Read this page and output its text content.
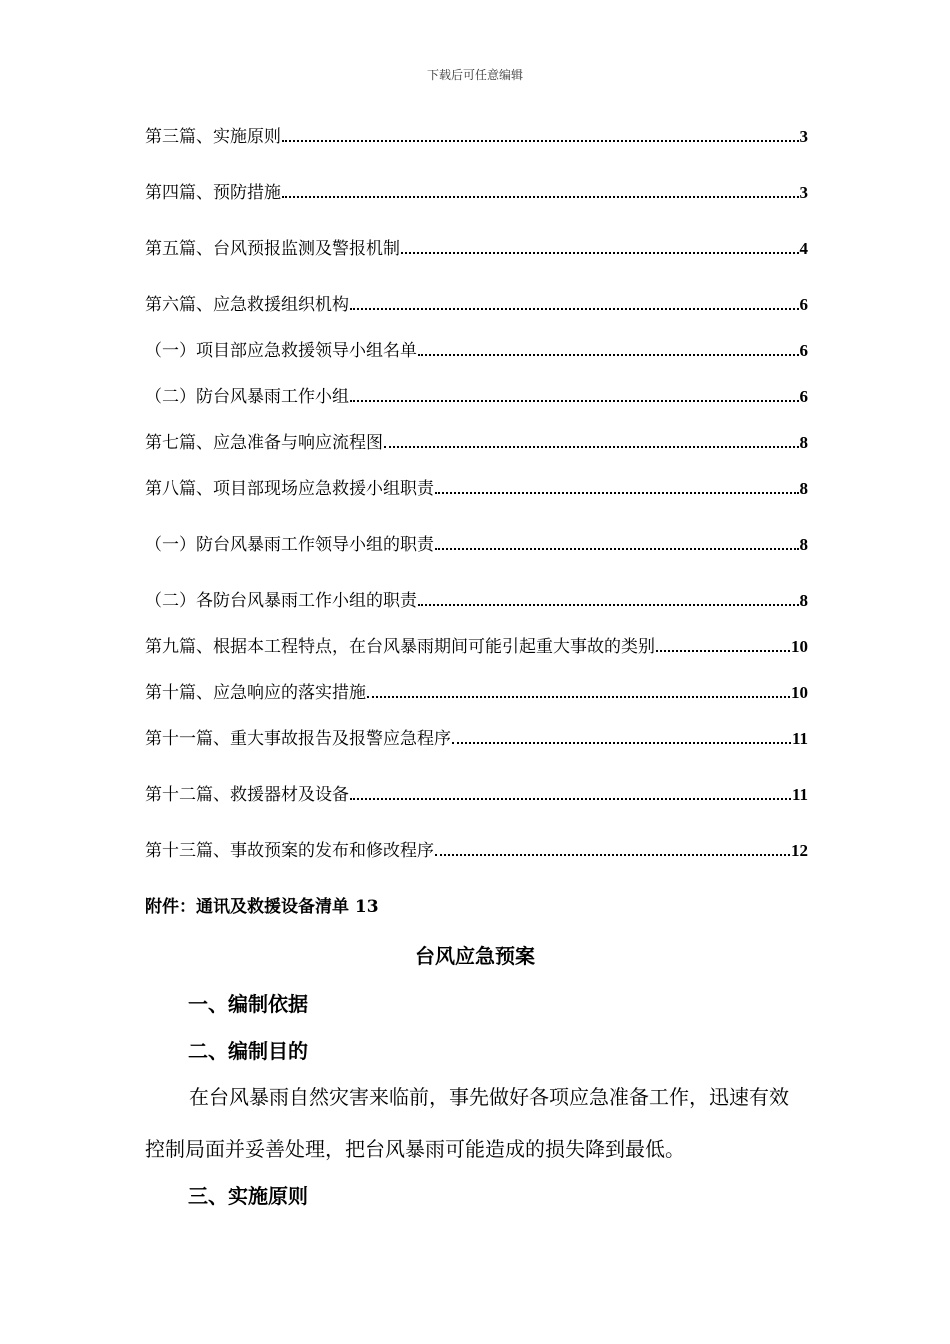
下载后可任意编辑
第三篇、实施原则	3
第四篇、预防措施	3
第五篇、台风预报监测及警报机制	4
第六篇、应急救援组织机构	6
（一）项目部应急救援领导小组名单	6
（二）防台风暴雨工作小组	6
第七篇、应急准备与响应流程图	8
第八篇、项目部现场应急救援小组职责	8
（一）防台风暴雨工作领导小组的职责	8
（二）各防台风暴雨工作小组的职责	8
第九篇、根据本工程特点，在台风暴雨期间可能引起重大事故的类别	10
第十篇、应急响应的落实措施	10
第十一篇、重大事故报告及报警应急程序	11
第十二篇、救援器材及设备	11
第十三篇、事故预案的发布和修改程序	12
附件：通讯及救援设备清单 13
台风应急预案
一、编制依据
二、编制目的
在台风暴雨自然灾害来临前，事先做好各项应急准备工作，迅速有效控制局面并妥善处理，把台风暴雨可能造成的损失降到最低。
三、实施原则
